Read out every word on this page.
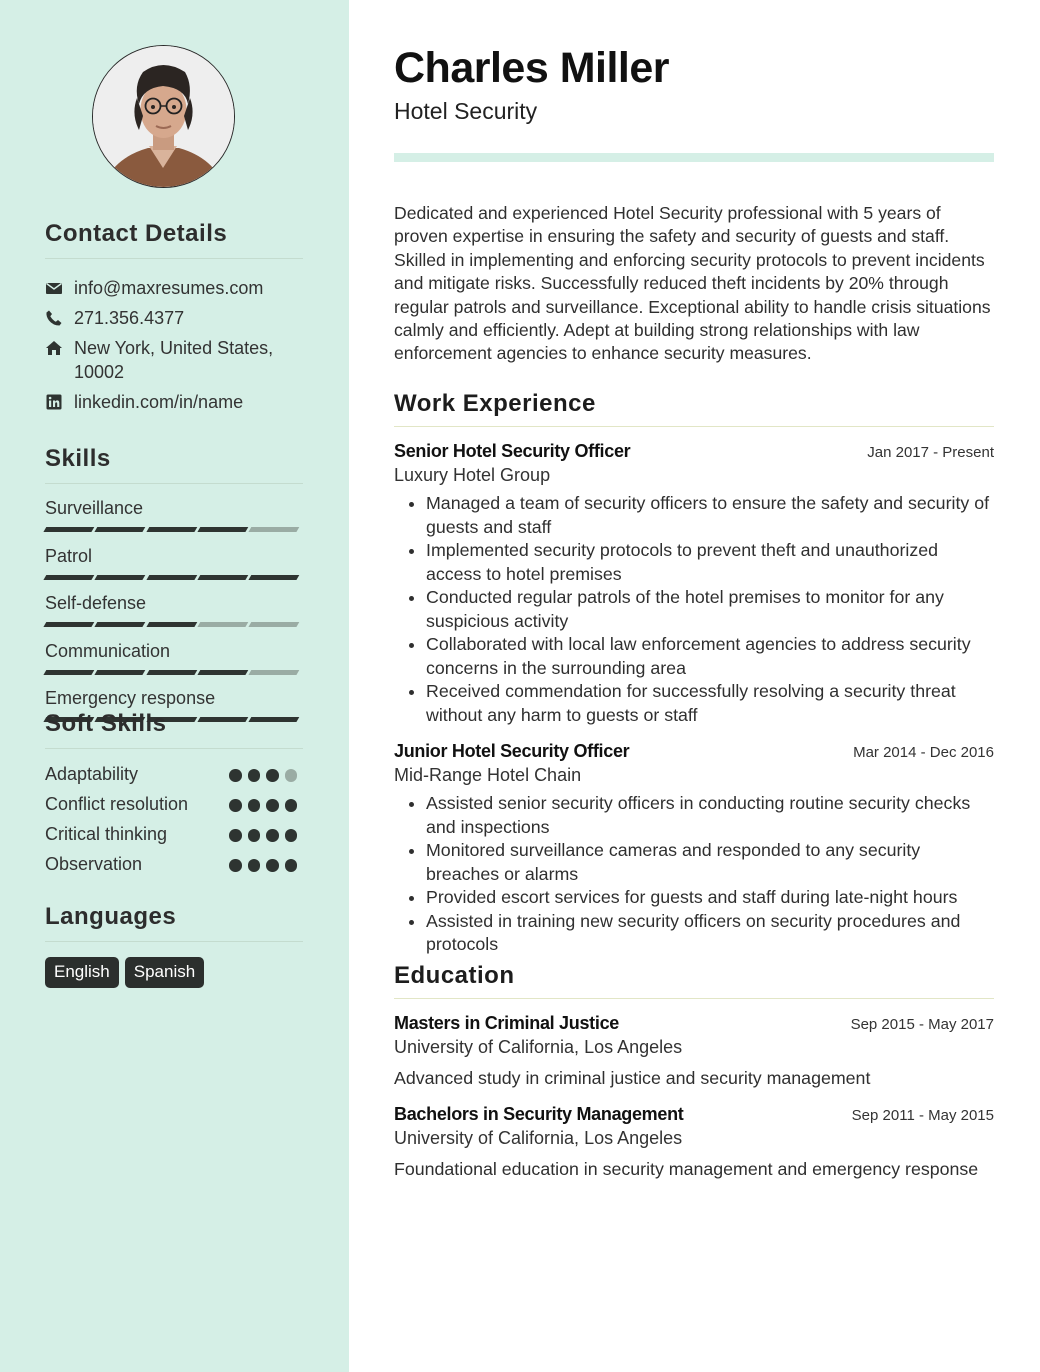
Contact Details
info@maxresumes.com
271.356.4377
New York, United States, 10002
linkedin.com/in/name
Skills
Surveillance
Patrol
Self-defense
Communication
Emergency response
Soft Skills
Adaptability
Conflict resolution
Critical thinking
Observation
Languages
English	Spanish
Charles Miller
Hotel Security

Dedicated and experienced Hotel Security professional with 5 years of proven expertise in ensuring the safety and security of guests and staff. Skilled in implementing and enforcing security protocols to prevent incidents and mitigate risks. Successfully reduced theft incidents by 20% through regular patrols and surveillance. Exceptional ability to handle crisis situations calmly and efficiently. Adept at building strong relationships with law enforcement agencies to enhance security measures.

Work Experience
Senior Hotel Security Officer	Jan 2017 - Present
Luxury Hotel Group
• Managed a team of security officers to ensure the safety and security of guests and staff
• Implemented security protocols to prevent theft and unauthorized access to hotel premises
• Conducted regular patrols of the hotel premises to monitor for any suspicious activity
• Collaborated with local law enforcement agencies to address security concerns in the surrounding area
• Received commendation for successfully resolving a security threat without any harm to guests or staff
Junior Hotel Security Officer	Mar 2014 - Dec 2016
Mid-Range Hotel Chain
• Assisted senior security officers in conducting routine security checks and inspections
• Monitored surveillance cameras and responded to any security breaches or alarms
• Provided escort services for guests and staff during late-night hours
• Assisted in training new security officers on security procedures and protocols
Education
Masters in Criminal Justice	Sep 2015 - May 2017
University of California, Los Angeles
Advanced study in criminal justice and security management
Bachelors in Security Management	Sep 2011 - May 2015
University of California, Los Angeles
Foundational education in security management and emergency response
